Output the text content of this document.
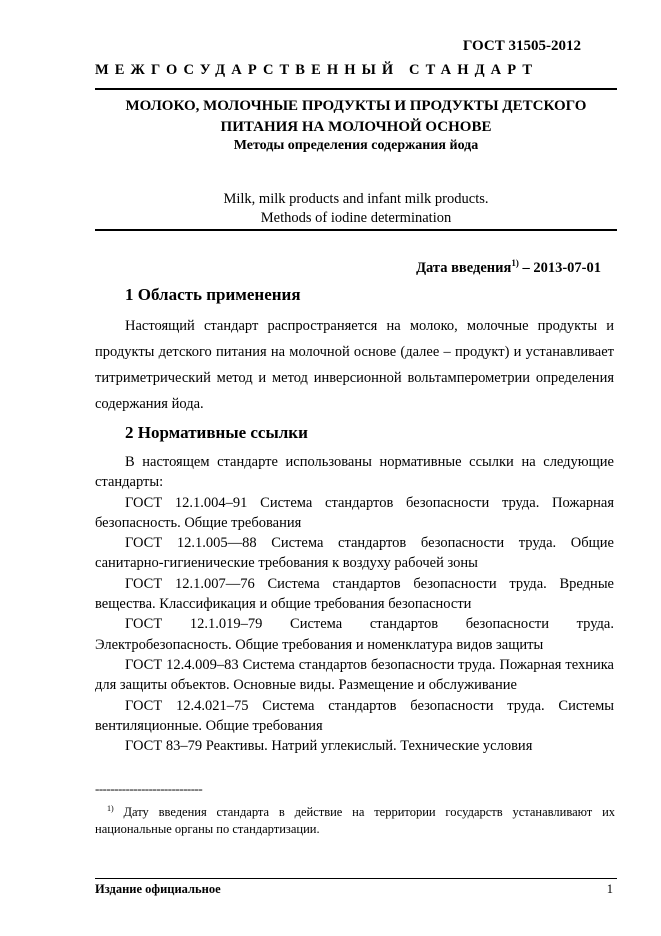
ГОСТ 31505-2012
МЕЖГОСУДАРСТВЕННЫЙ СТАНДАРТ
МОЛОКО, МОЛОЧНЫЕ ПРОДУКТЫ И ПРОДУКТЫ ДЕТСКОГО
ПИТАНИЯ НА МОЛОЧНОЙ ОСНОВЕ
Методы определения содержания йода
Milk, milk products and infant milk products.
Methods of iodine determination
Дата введения$^{1)}$ – 2013-07-01
1 Область применения

Настоящий стандарт распространяется на молоко, молочные продукты и продукты детского питания на молочной основе (далее – продукт) и устанавливает титриметрический метод и метод инверсионной вольтамперометрии определения содержания йода.

2 Нормативные ссылки

В настоящем стандарте использованы нормативные ссылки на следующие стандарты:

ГОСТ 12.1.004–91 Система стандартов безопасности труда. Пожарная безопасность. Общие требования

ГОСТ 12.1.005—88 Система стандартов безопасности труда. Общие санитарно-гигиенические требования к воздуху рабочей зоны

ГОСТ 12.1.007—76 Система стандартов безопасности труда. Вредные вещества. Классификация и общие требования безопасности

ГОСТ 12.1.019–79 Система стандартов безопасности труда. Электробезопасность. Общие требования и номенклатура видов защиты

ГОСТ 12.4.009–83 Система стандартов безопасности труда. Пожарная техника для защиты объектов. Основные виды. Размещение и обслуживание

ГОСТ 12.4.021–75 Система стандартов безопасности труда. Системы вентиляционные. Общие требования

ГОСТ 83–79 Реактивы. Натрий углекислый. Технические условия

----------------------------
$^{1)}$ Дату введения стандарта в действие на территории государств устанавливают их национальные органы по стандартизации.
Издание официальное	1
